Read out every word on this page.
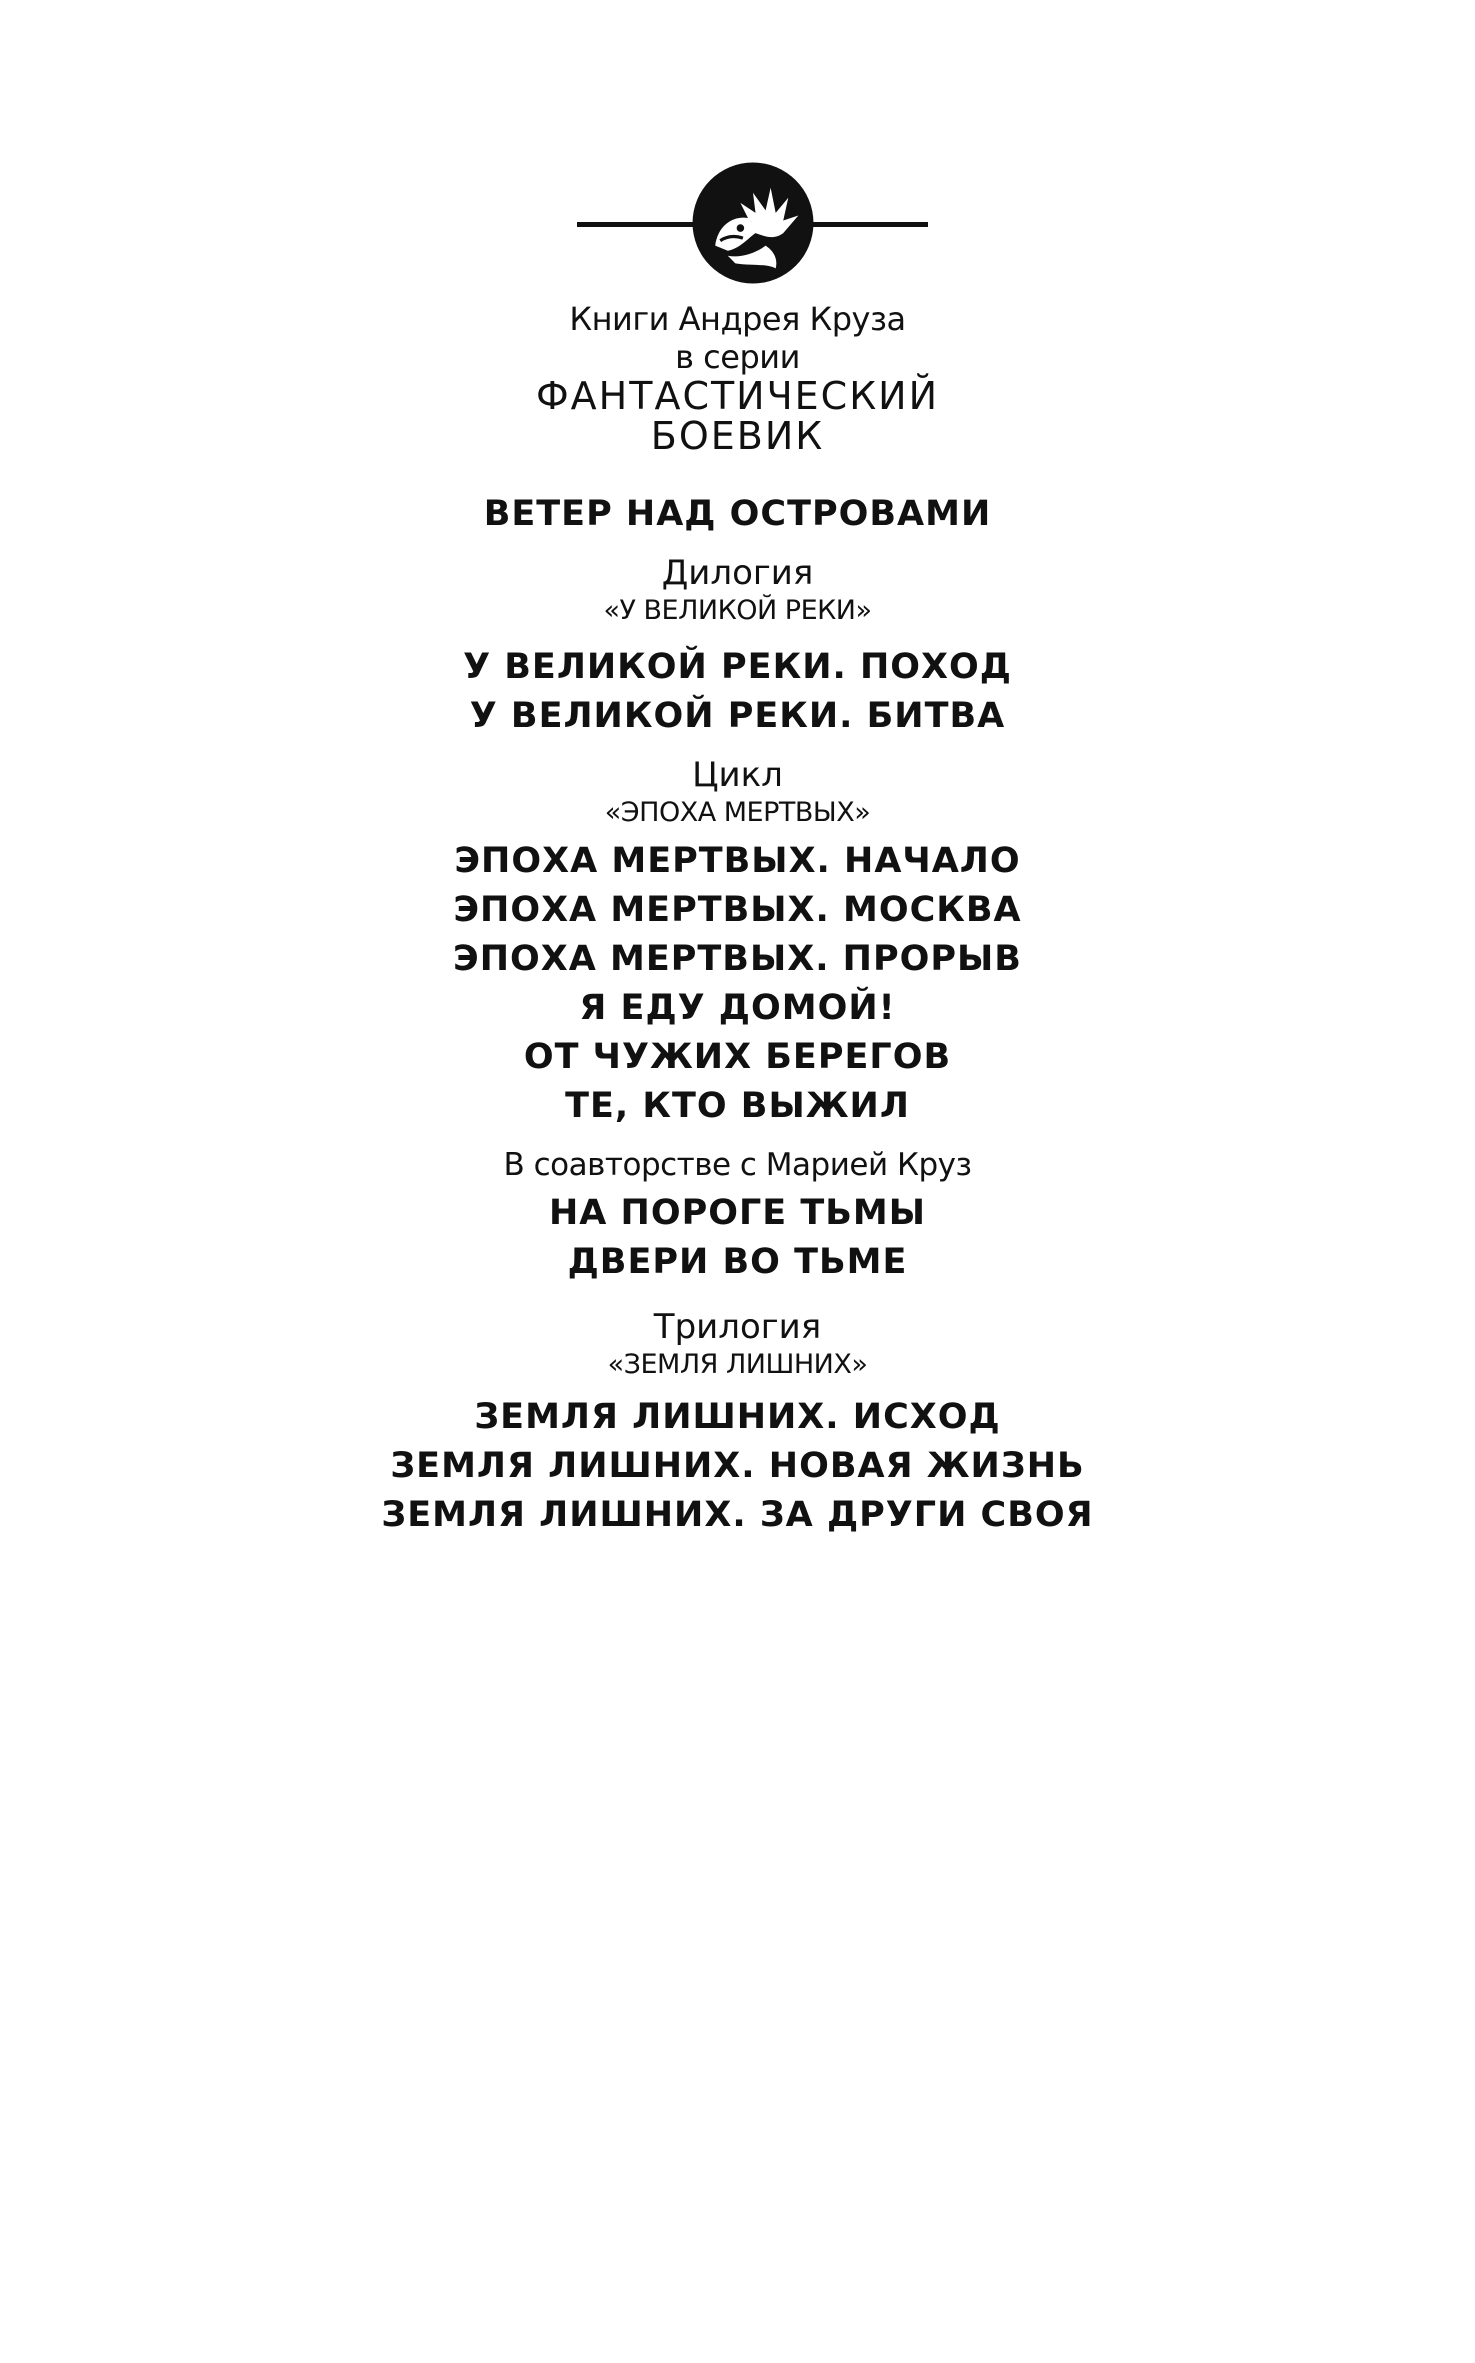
Книги Андрея Круза
в серии
ФАНТАСТИЧЕСКИЙ
БОЕВИК
ВЕТЕР НАД ОСТРОВАМИ
Дилогия
«У ВЕЛИКОЙ РЕКИ»
У ВЕЛИКОЙ РЕКИ. ПОХОД
У ВЕЛИКОЙ РЕКИ. БИТВА
Цикл
«ЭПОХА МЕРТВЫХ»
ЭПОХА МЕРТВЫХ. НАЧАЛО
ЭПОХА МЕРТВЫХ. МОСКВА
ЭПОХА МЕРТВЫХ. ПРОРЫВ
Я ЕДУ ДОМОЙ!
ОТ ЧУЖИХ БЕРЕГОВ
ТЕ, КТО ВЫЖИЛ
В соавторстве с Марией Круз
НА ПОРОГЕ ТЬМЫ
ДВЕРИ ВО ТЬМЕ
Трилогия
«ЗЕМЛЯ ЛИШНИХ»
ЗЕМЛЯ ЛИШНИХ. ИСХОД
ЗЕМЛЯ ЛИШНИХ. НОВАЯ ЖИЗНЬ
ЗЕМЛЯ ЛИШНИХ. ЗА ДРУГИ СВОЯ
